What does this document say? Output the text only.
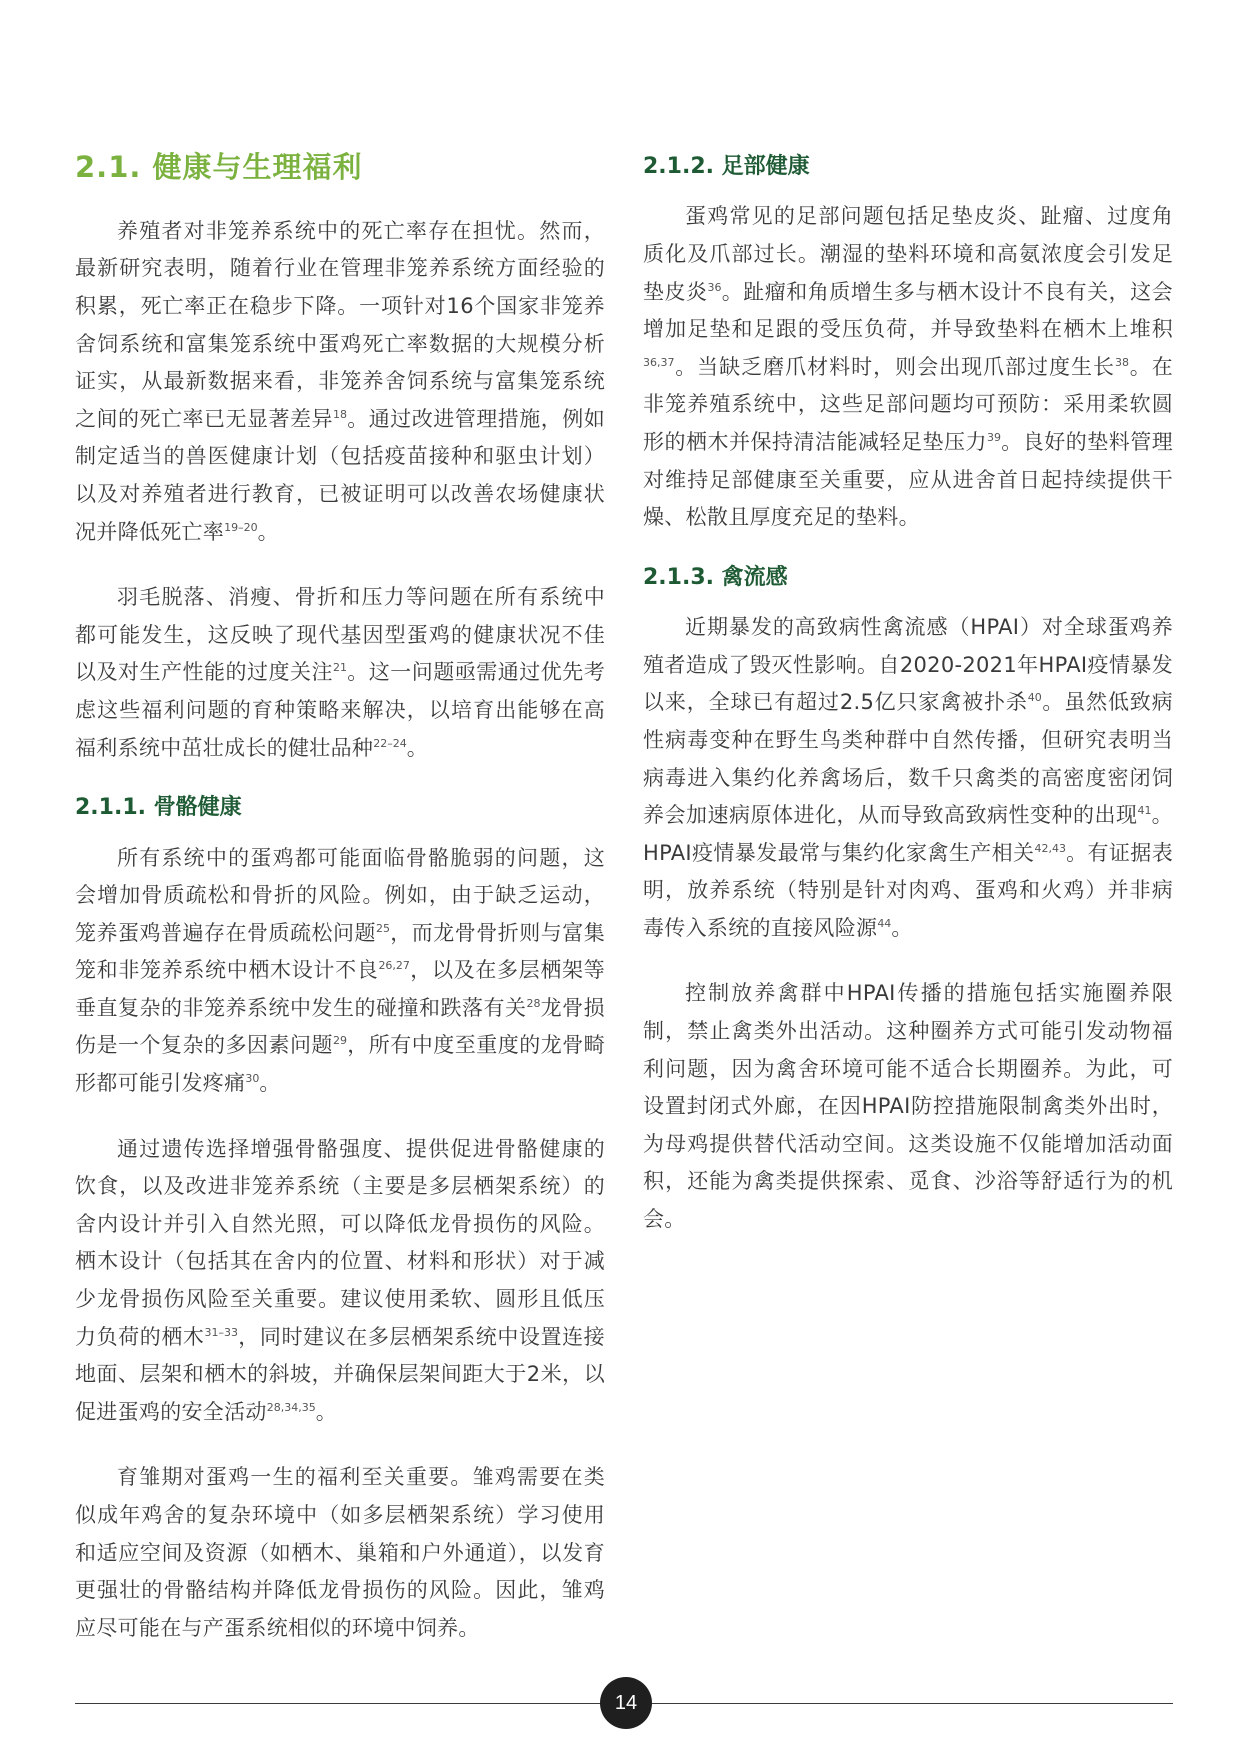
2.1. 健康与生理福利

养殖者对非笼养系统中的死亡率存在担忧。然而，最新研究表明，随着行业在管理非笼养系统方面经验的积累，死亡率正在稳步下降。一项针对16个国家非笼养舍饲系统和富集笼系统中蛋鸡死亡率数据的大规模分析证实，从最新数据来看，非笼养舍饲系统与富集笼系统之间的死亡率已无显著差异$^{18}$。通过改进管理措施，例如制定适当的兽医健康计划（包括疫苗接种和驱虫计划）以及对养殖者进行教育，已被证明可以改善农场健康状况并降低死亡率$^{19-20}$。

羽毛脱落、消瘦、骨折和压力等问题在所有系统中都可能发生，这反映了现代基因型蛋鸡的健康状况不佳以及对生产性能的过度关注$^{21}$。这一问题亟需通过优先考虑这些福利问题的育种策略来解决，以培育出能够在高福利系统中茁壮成长的健壮品种$^{22-24}$。

2.1.1. 骨骼健康

所有系统中的蛋鸡都可能面临骨骼脆弱的问题，这会增加骨质疏松和骨折的风险。例如，由于缺乏运动，笼养蛋鸡普遍存在骨质疏松问题$^{25}$，而龙骨骨折则与富集笼和非笼养系统中栖木设计不良$^{26,27}$，以及在多层栖架等垂直复杂的非笼养系统中发生的碰撞和跌落有关$^{28}$龙骨损伤是一个复杂的多因素问题$^{29}$，所有中度至重度的龙骨畸形都可能引发疼痛$^{30}$。

通过遗传选择增强骨骼强度、提供促进骨骼健康的饮食，以及改进非笼养系统（主要是多层栖架系统）的舍内设计并引入自然光照，可以降低龙骨损伤的风险。栖木设计（包括其在舍内的位置、材料和形状）对于减少龙骨损伤风险至关重要。建议使用柔软、圆形且低压力负荷的栖木$^{31-33}$，同时建议在多层栖架系统中设置连接地面、层架和栖木的斜坡，并确保层架间距大于2米，以促进蛋鸡的安全活动$^{28,34,35}$。

育雏期对蛋鸡一生的福利至关重要。雏鸡需要在类似成年鸡舍的复杂环境中（如多层栖架系统）学习使用和适应空间及资源（如栖木、巢箱和户外通道），以发育更强壮的骨骼结构并降低龙骨损伤的风险。因此，雏鸡应尽可能在与产蛋系统相似的环境中饲养。

2.1.2. 足部健康

蛋鸡常见的足部问题包括足垫皮炎、趾瘤、过度角质化及爪部过长。潮湿的垫料环境和高氨浓度会引发足垫皮炎$^{36}$。趾瘤和角质增生多与栖木设计不良有关，这会增加足垫和足跟的受压负荷，并导致垫料在栖木上堆积$^{36,37}$。当缺乏磨爪材料时，则会出现爪部过度生长$^{38}$。在非笼养殖系统中，这些足部问题均可预防：采用柔软圆形的栖木并保持清洁能减轻足垫压力$^{39}$。良好的垫料管理对维持足部健康至关重要，应从进舍首日起持续提供干燥、松散且厚度充足的垫料。

2.1.3. 禽流感

近期暴发的高致病性禽流感（HPAI）对全球蛋鸡养殖者造成了毁灭性影响。自2020-2021年HPAI疫情暴发以来，全球已有超过2.5亿只家禽被扑杀$^{40}$。虽然低致病性病毒变种在野生鸟类种群中自然传播，但研究表明当病毒进入集约化养禽场后，数千只禽类的高密度密闭饲养会加速病原体进化，从而导致高致病性变种的出现$^{41}$。HPAI疫情暴发最常与集约化家禽生产相关$^{42,43}$。有证据表明，放养系统（特别是针对肉鸡、蛋鸡和火鸡）并非病毒传入系统的直接风险源$^{44}$。

控制放养禽群中HPAI传播的措施包括实施圈养限制，禁止禽类外出活动。这种圈养方式可能引发动物福利问题，因为禽舍环境可能不适合长期圈养。为此，可设置封闭式外廊，在因HPAI防控措施限制禽类外出时，为母鸡提供替代活动空间。这类设施不仅能增加活动面积，还能为禽类提供探索、觅食、沙浴等舒适行为的机会。

14
